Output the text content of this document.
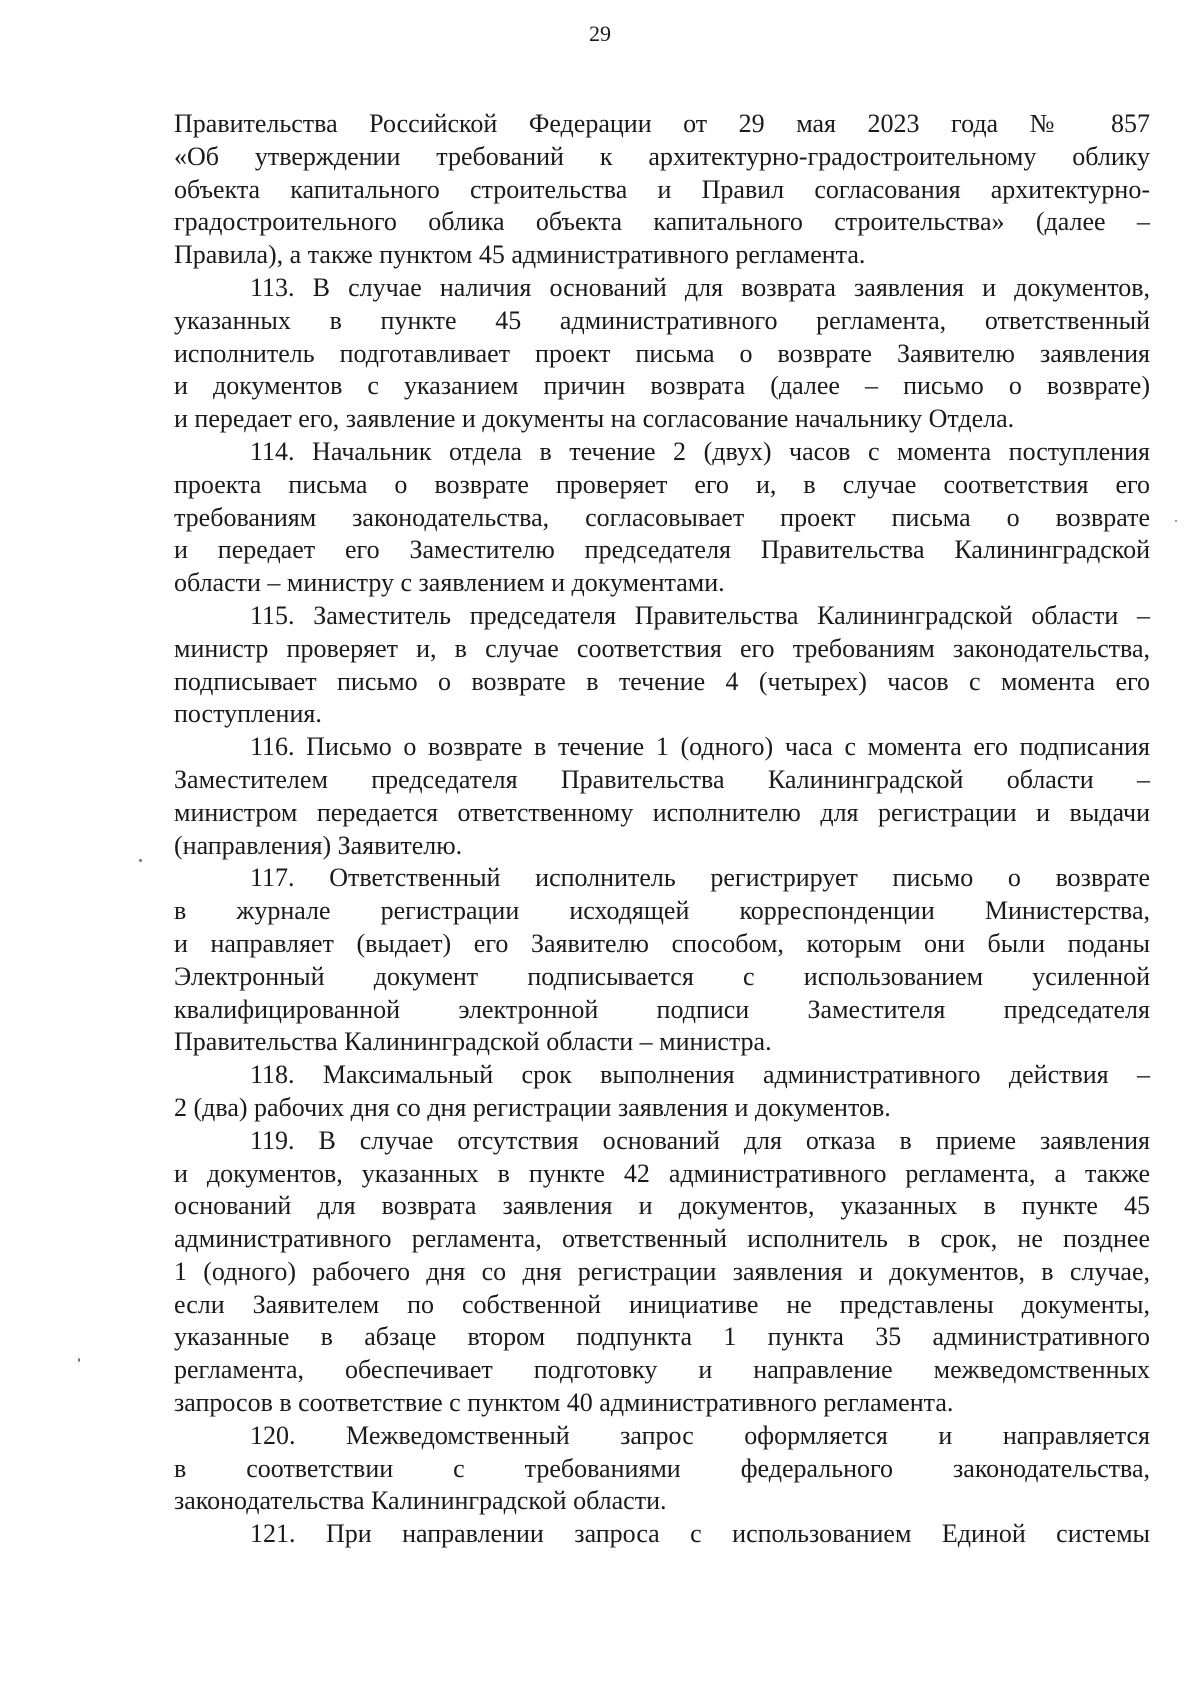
29
Правительства Российской Федерации от 29 мая 2023 года № 857
«Об утверждении требований к архитектурно-градостроительному облику
объекта капитального строительства и Правил согласования архитектурно-
градостроительного облика объекта капитального строительства» (далее –
Правила), а также пунктом 45 административного регламента.
113. В случае наличия оснований для возврата заявления и документов,
указанных в пункте 45 административного регламента, ответственный
исполнитель подготавливает проект письма о возврате Заявителю заявления
и документов с указанием причин возврата (далее – письмо о возврате)
и передает его, заявление и документы на согласование начальнику Отдела.
114. Начальник отдела в течение 2 (двух) часов с момента поступления
проекта письма о возврате проверяет его и, в случае соответствия его
требованиям законодательства, согласовывает проект письма о возврате
и передает его Заместителю председателя Правительства Калининградской
области – министру с заявлением и документами.
115. Заместитель председателя Правительства Калининградской области –
министр проверяет и, в случае соответствия его требованиям законодательства,
подписывает письмо о возврате в течение 4 (четырех) часов с момента его
поступления.
116. Письмо о возврате в течение 1 (одного) часа с момента его подписания
Заместителем председателя Правительства Калининградской области –
министром передается ответственному исполнителю для регистрации и выдачи
(направления) Заявителю.
117. Ответственный исполнитель регистрирует письмо о возврате
в журнале регистрации исходящей корреспонденции Министерства,
и направляет (выдает) его Заявителю способом, которым они были поданы
Электронный документ подписывается с использованием усиленной
квалифицированной электронной подписи Заместителя председателя
Правительства Калининградской области – министра.
118. Максимальный срок выполнения административного действия –
2 (два) рабочих дня со дня регистрации заявления и документов.
119. В случае отсутствия оснований для отказа в приеме заявления
и документов, указанных в пункте 42 административного регламента, а также
оснований для возврата заявления и документов, указанных в пункте 45
административного регламента, ответственный исполнитель в срок, не позднее
1 (одного) рабочего дня со дня регистрации заявления и документов, в случае,
если Заявителем по собственной инициативе не представлены документы,
указанные в абзаце втором подпункта 1 пункта 35 административного
регламента, обеспечивает подготовку и направление межведомственных
запросов в соответствие с пунктом 40 административного регламента.
120. Межведомственный запрос оформляется и направляется
в соответствии с требованиями федерального законодательства,
законодательства Калининградской области.
121. При направлении запроса с использованием Единой системы
